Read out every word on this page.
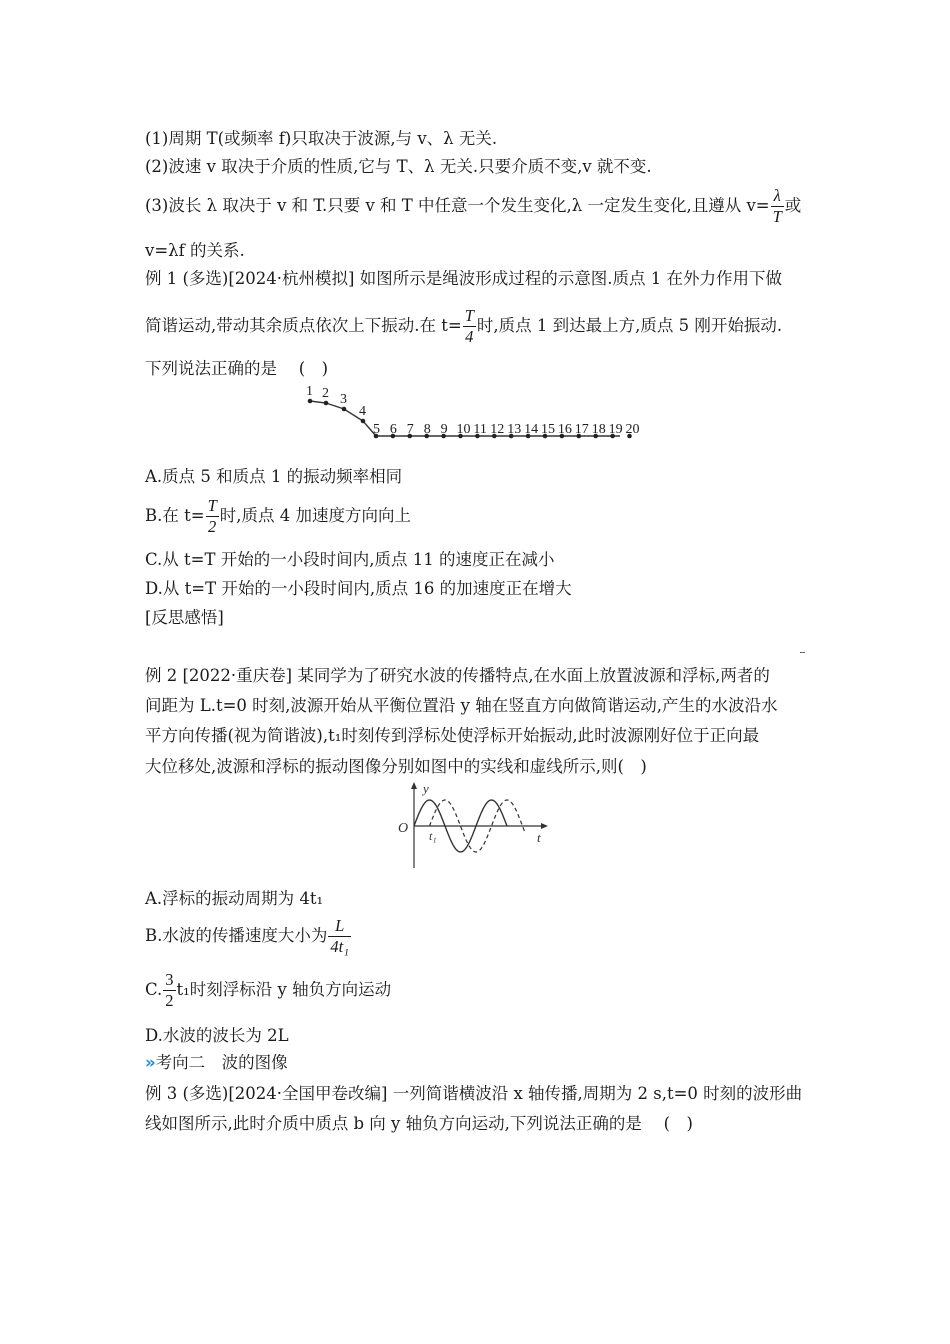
(1)周期 T(或频率 f)只取决于波源,与 v、λ 无关.
(2)波速 v 取决于介质的性质,它与 T、λ 无关.只要介质不变,v 就不变.
(3)波长 λ 取决于 v 和 T.只要 v 和 T 中任意一个发生变化,λ 一定发生变化,且遵从 $v= \frac{\lambda}{T}$ 或
v=λf 的关系.
例 1 (多选)[2024·杭州模拟] 如图所示是绳波形成过程的示意图.质点 1 在外力作用下做
简谐运动,带动其余质点依次上下振动.在 $t= \frac{T}{4}$ 时,质点 1 到达最上方,质点 5 刚开始振动.
下列说法正确的是　 (　)
1 2 3
4
5 6 7 8 9 10 11 12 13 14 15 16 17 18 19 20
A.质点 5 和质点 1 的振动频率相同
B.在 $t= \frac{T}{2}$ 时,质点 4 加速度方向向上
C.从 t=T 开始的一小段时间内,质点 11 的速度正在减小
D.从 t=T 开始的一小段时间内,质点 16 的加速度正在增大
[反思感悟]
例 2 [2022·重庆卷] 某同学为了研究水波的传播特点,在水面上放置波源和浮标,两者的
间距为 L.t=0 时刻,波源开始从平衡位置沿 y 轴在竖直方向做简谐运动,产生的水波沿水
平方向传播(视为简谐波),t₁时刻传到浮标处使浮标开始振动,此时波源刚好位于正向最
大位移处,波源和浮标的振动图像分别如图中的实线和虚线所示,则(　)
y
O t₁	t
A.浮标的振动周期为 4t₁
B.水波的传播速度大小为 $\frac{L}{\text{4t₁}}$
C. $\frac{3}{2} t_1$时刻浮标沿 y 轴负方向运动
D.水波的波长为 2L
»考向二　波的图像
例 3 (多选)[2024·全国甲卷改编] 一列简谐横波沿 x 轴传播,周期为 2 s,t=0 时刻的波形曲
线如图所示,此时介质中质点 b 向 y 轴负方向运动,下列说法正确的是　 (　)
